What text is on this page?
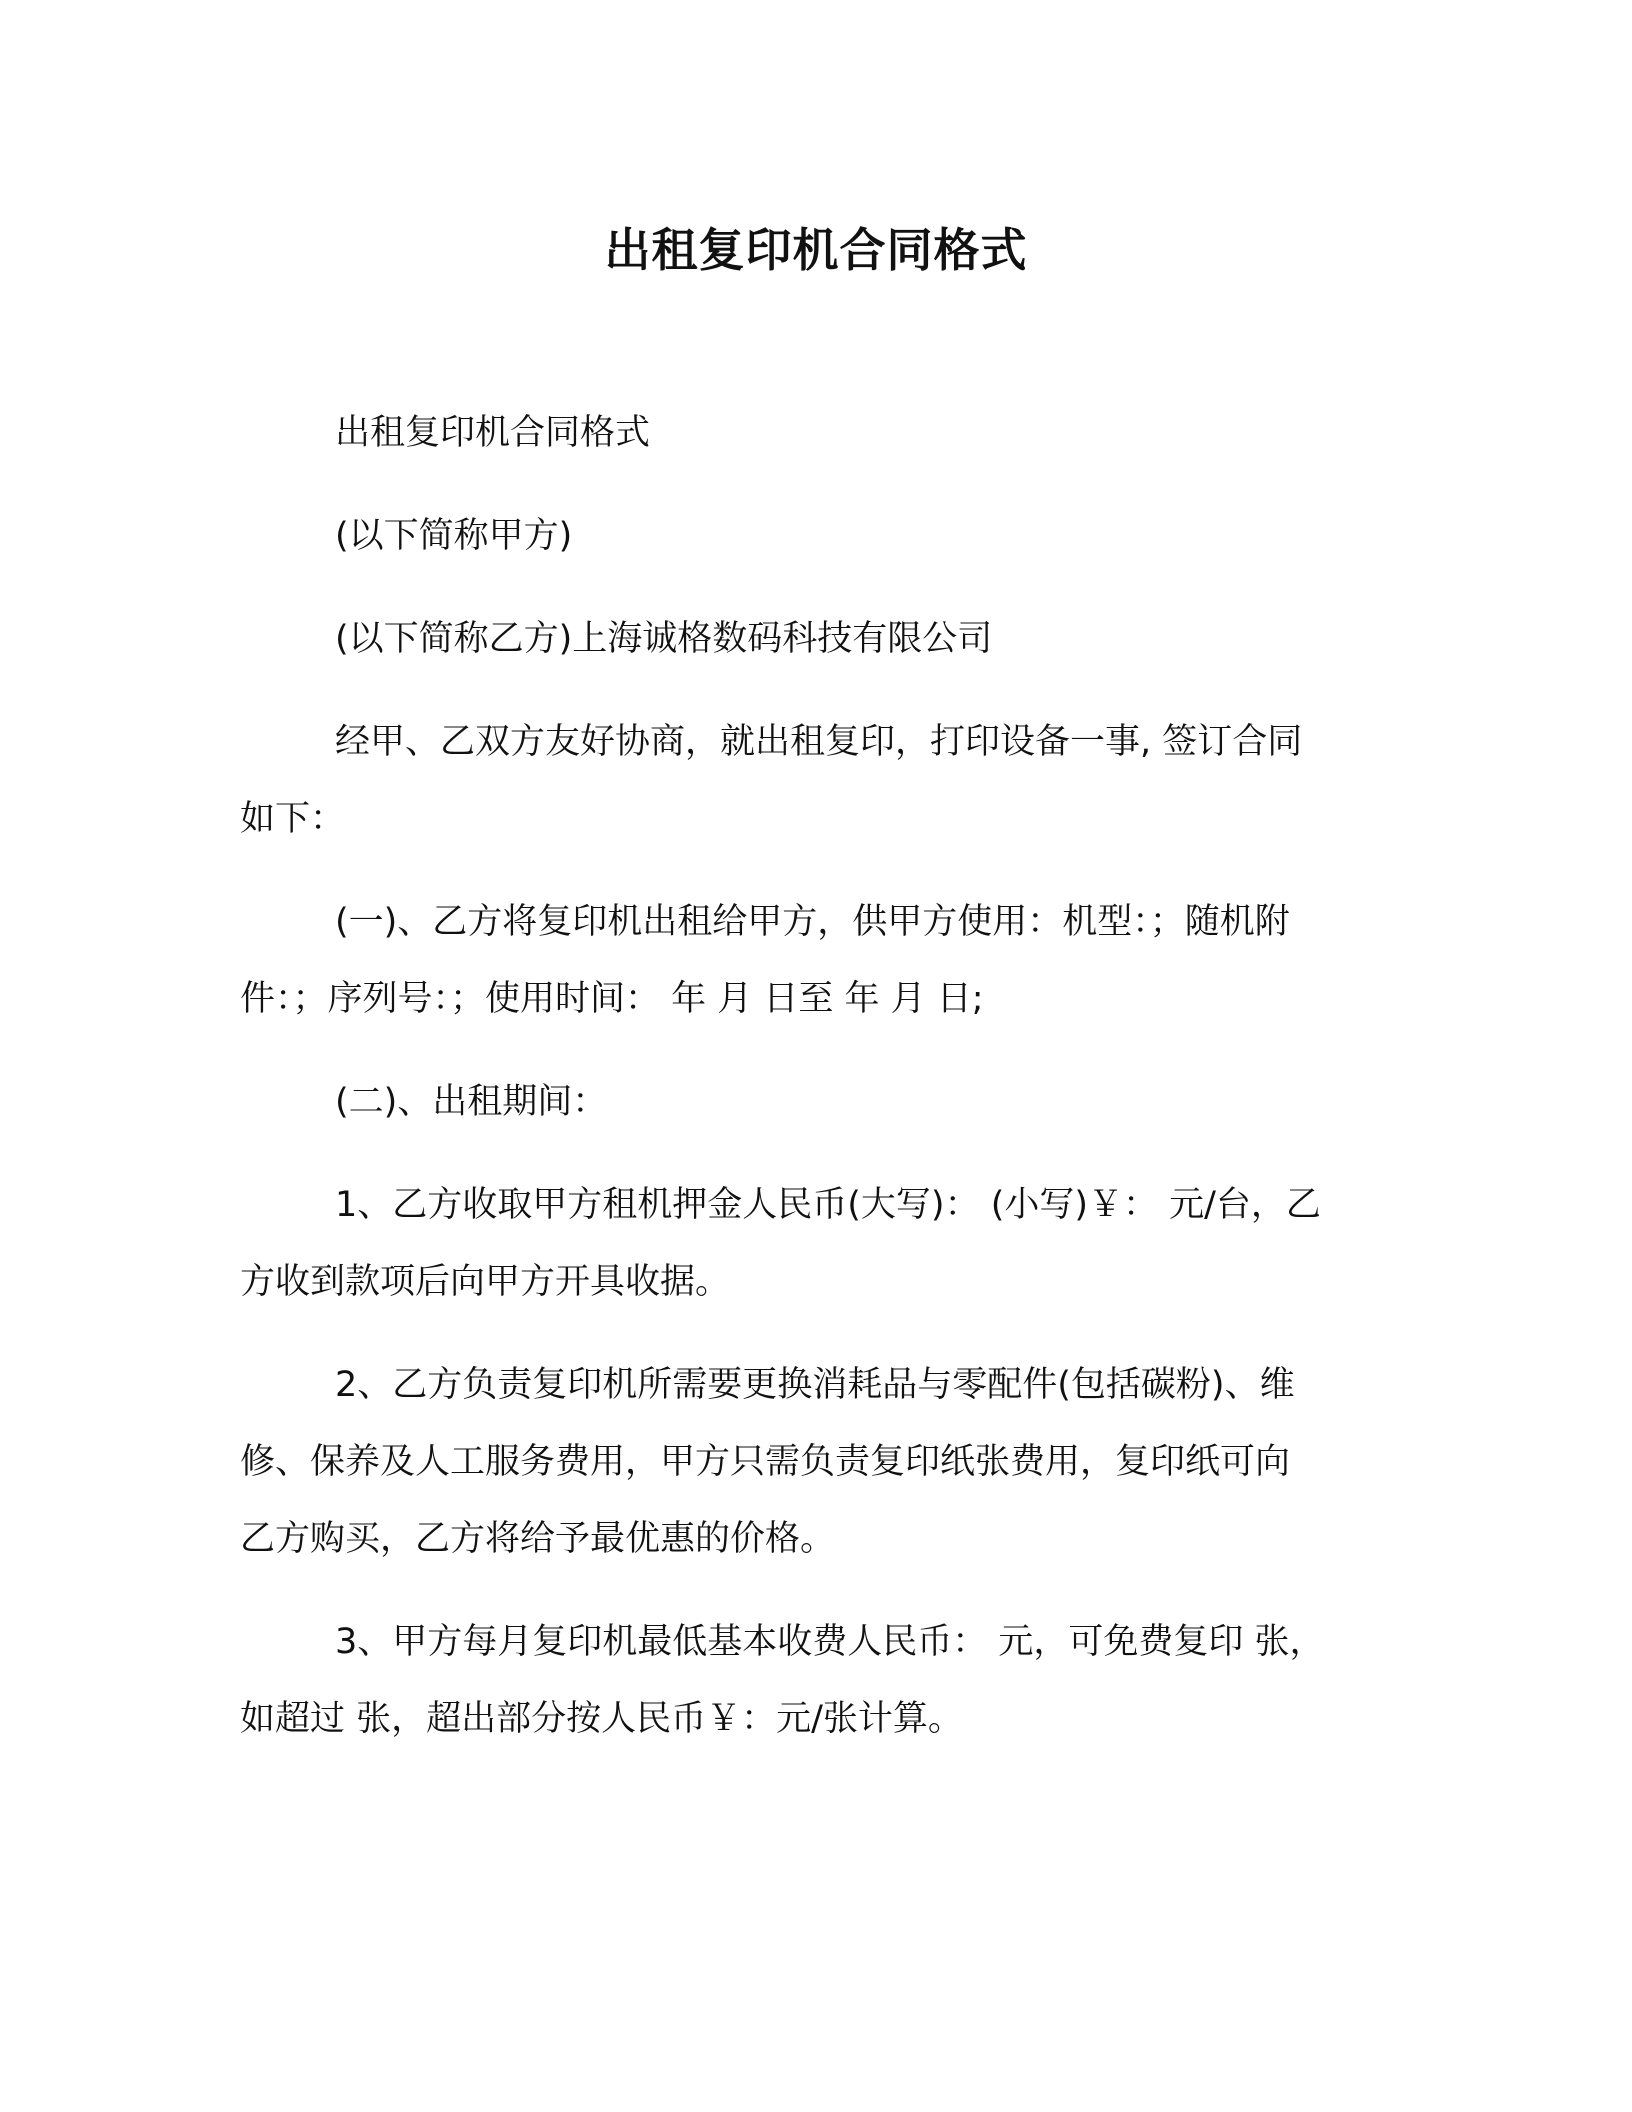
出租复印机合同格式

出租复印机合同格式

(以下简称甲方)

(以下简称乙方)上海诚格数码科技有限公司

经甲、乙双方友好协商，就出租复印，打印设备一事, 签订合同
如下：

(一)、乙方将复印机出租给甲方，供甲方使用：机型：；随机附
件：；序列号：；使用时间： 年 月 日至 年 月 日;

(二)、出租期间：

1、乙方收取甲方租机押金人民币(大写)： (小写)￥： 元/台，乙
方收到款项后向甲方开具收据。

2、乙方负责复印机所需要更换消耗品与零配件(包括碳粉)、维
修、保养及人工服务费用，甲方只需负责复印纸张费用，复印纸可向
乙方购买，乙方将给予最优惠的价格。

3、甲方每月复印机最低基本收费人民币： 元，可免费复印 张，
如超过 张，超出部分按人民币￥：元/张计算。
